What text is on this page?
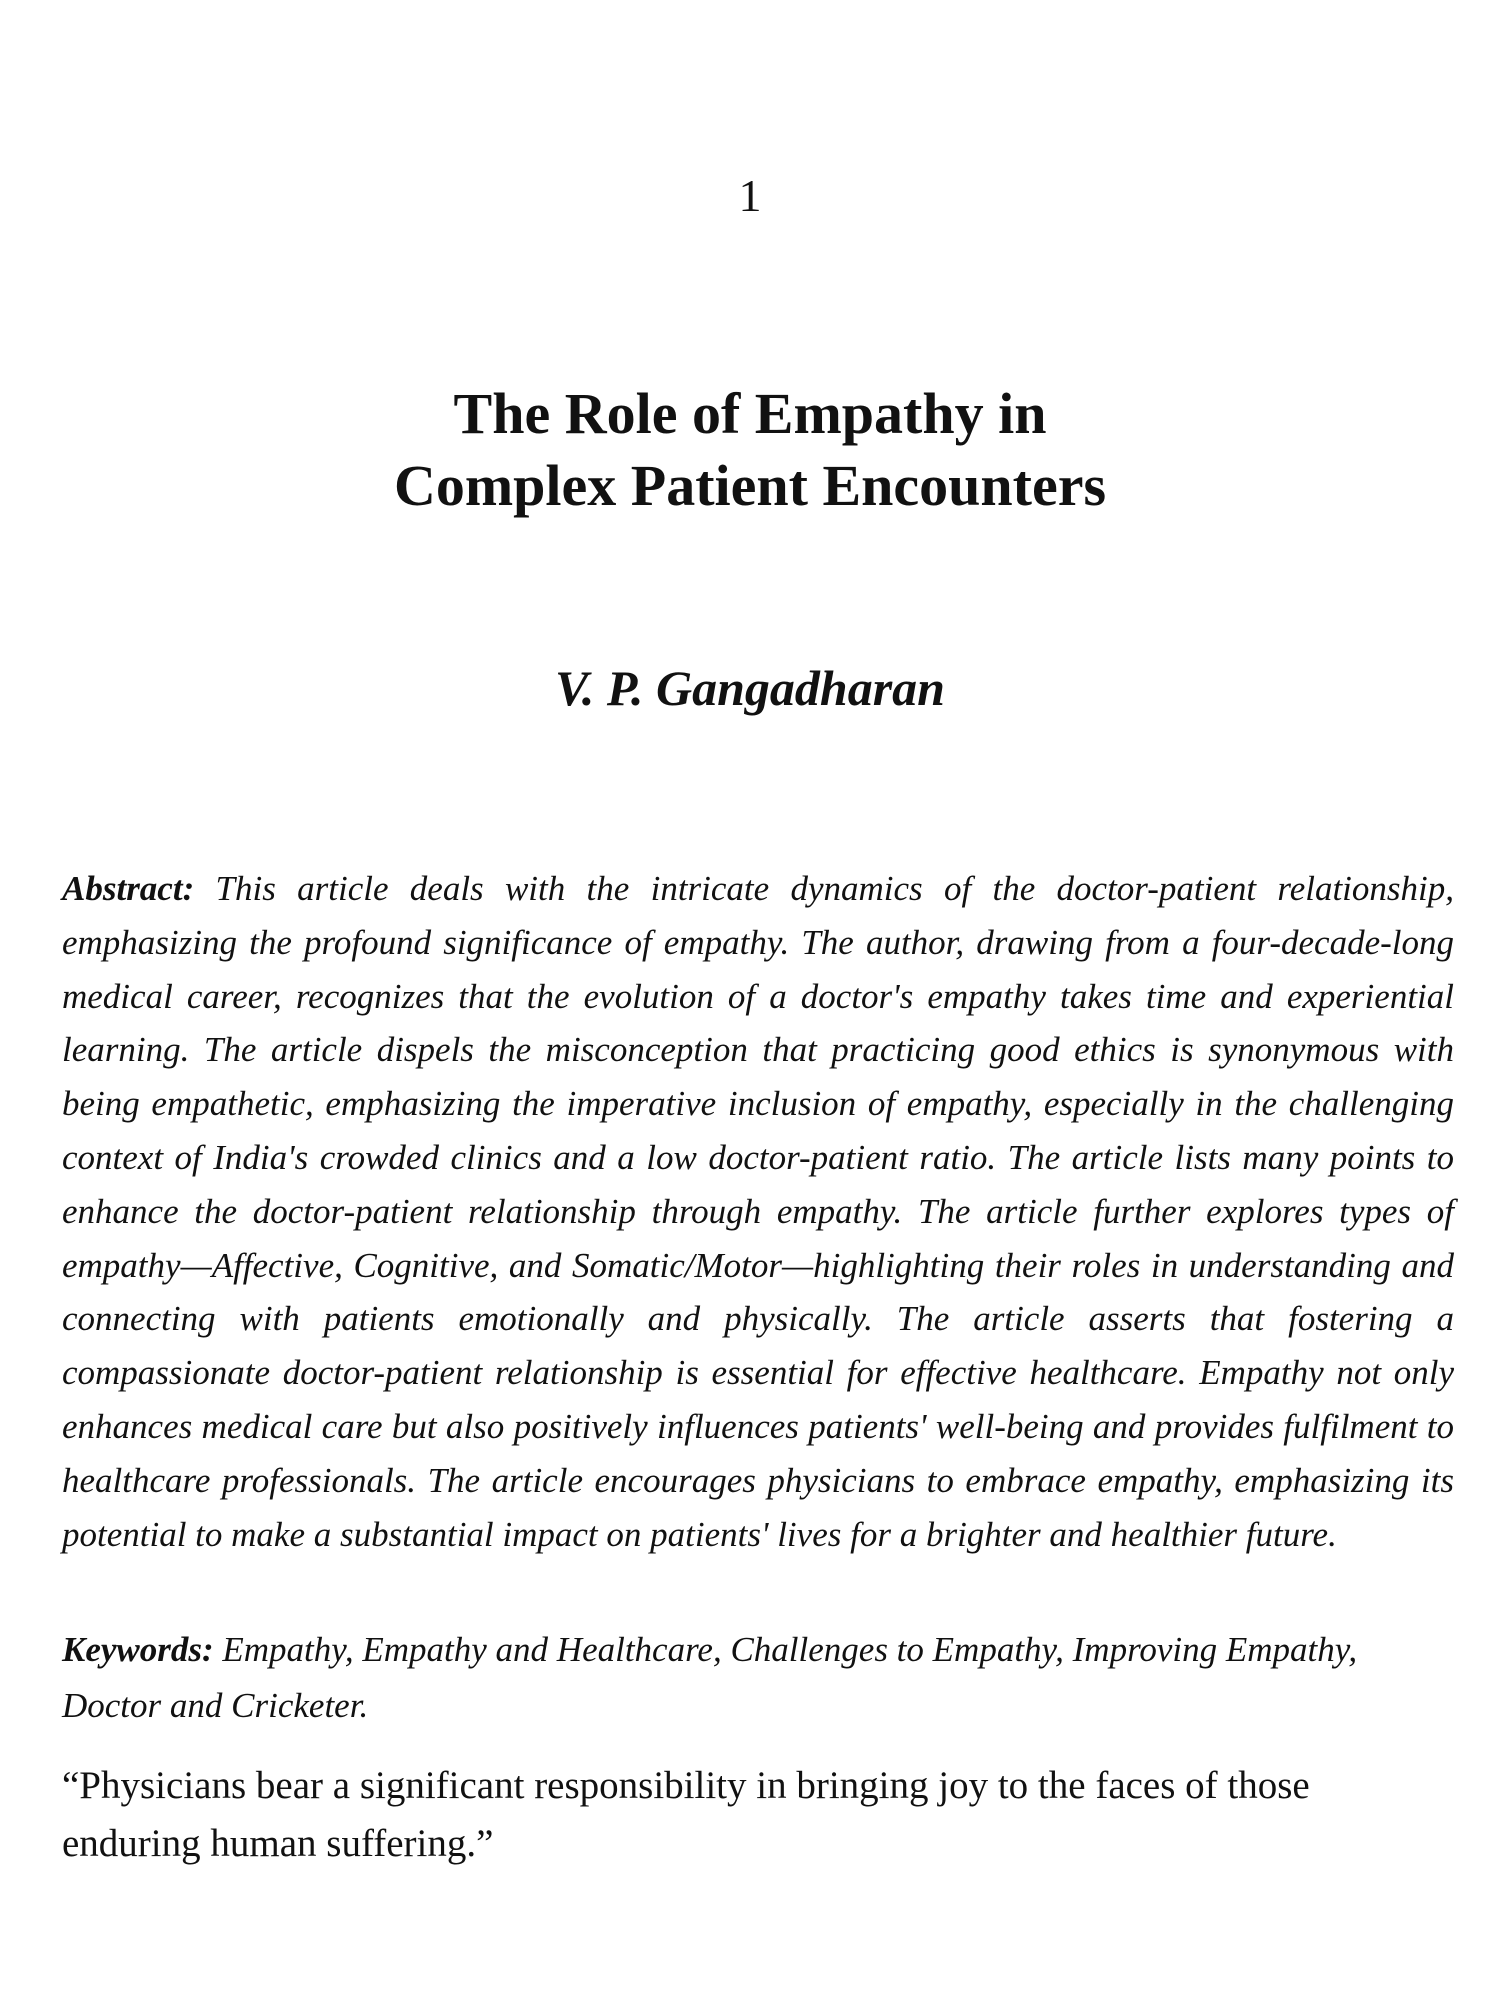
1
The Role of Empathy in
Complex Patient Encounters
V. P. Gangadharan

Abstract: This article deals with the intricate dynamics of the doctor-patient relationship, emphasizing the profound significance of empathy. The author, drawing from a four-decade-long medical career, recognizes that the evolution of a doctor's empathy takes time and experiential learning. The article dispels the misconception that practicing good ethics is synonymous with being empathetic, emphasizing the imperative inclusion of empathy, especially in the challenging context of India's crowded clinics and a low doctor-patient ratio. The article lists many points to enhance the doctor-patient relationship through empathy. The article further explores types of empathy—Affective, Cognitive, and Somatic/Motor—highlighting their roles in understanding and connecting with patients emotionally and physically. The article asserts that fostering a compassionate doctor-patient relationship is essential for effective healthcare. Empathy not only enhances medical care but also positively influences patients' well-being and provides fulfilment to healthcare professionals. The article encourages physicians to embrace empathy, emphasizing its potential to make a substantial impact on patients' lives for a brighter and healthier future.

Keywords: Empathy, Empathy and Healthcare, Challenges to Empathy, Improving Empathy, Doctor and Cricketer.

“Physicians bear a significant responsibility in bringing joy to the faces of those enduring human suffering.”
